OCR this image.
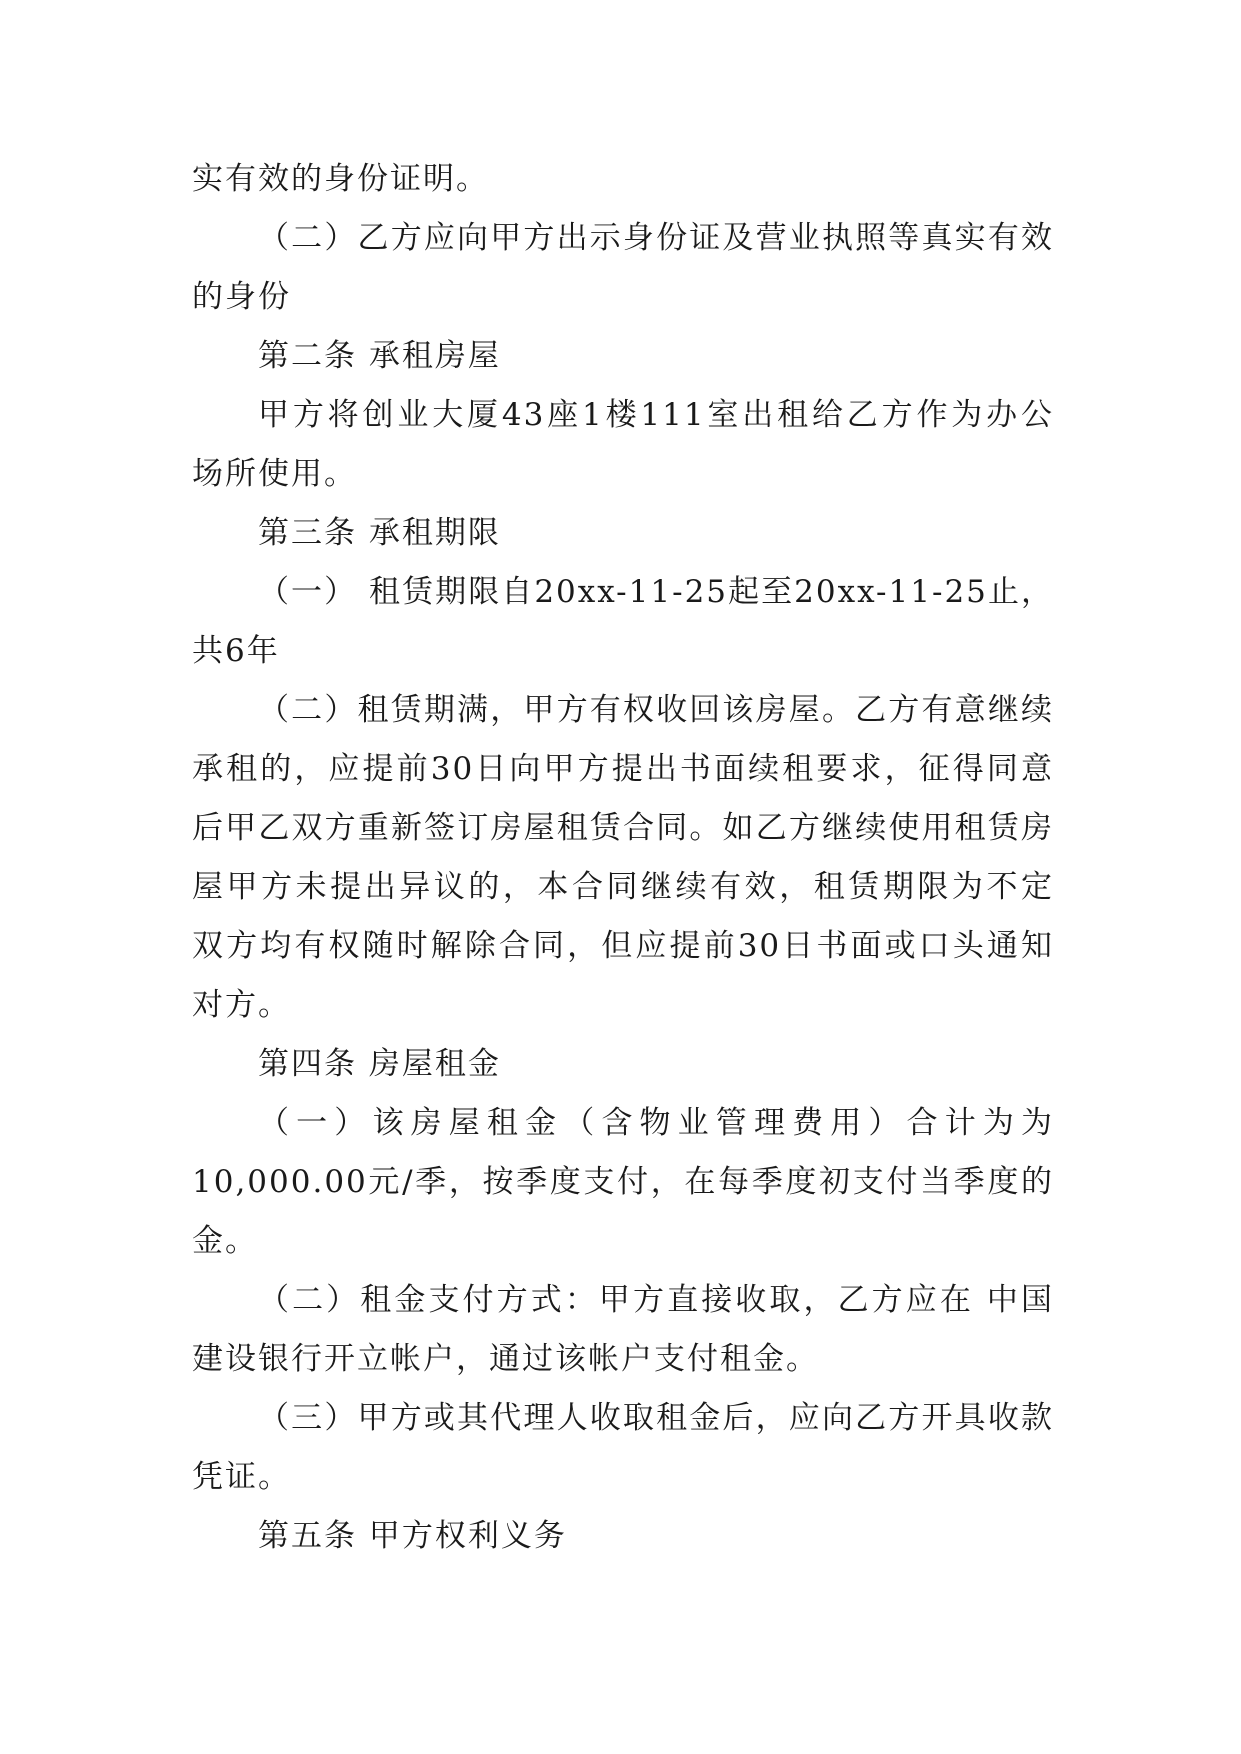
实有效的身份证明。
（二）乙方应向甲方出示身份证及营业执照等真实有效
的身份
第二条 承租房屋
甲方将创业大厦43座1楼111室出租给乙方作为办公
场所使用。
第三条 承租期限
（一） 租赁期限自20xx-11-25起至20xx-11-25止，
共6年
（二）租赁期满，甲方有权收回该房屋。乙方有意继续
承租的，应提前30日向甲方提出书面续租要求，征得同意
后甲乙双方重新签订房屋租赁合同。如乙方继续使用租赁房
屋甲方未提出异议的，本合同继续有效，租赁期限为不定
双方均有权随时解除合同，但应提前30日书面或口头通知
对方。
第四条 房屋租金
（一）该房屋租金（含物业管理费用）合计为为
10,000.00元/季，按季度支付，在每季度初支付当季度的
金。
（二）租金支付方式：甲方直接收取，乙方应在 中国
建设银行开立帐户，通过该帐户支付租金。
（三）甲方或其代理人收取租金后，应向乙方开具收款
凭证。
第五条 甲方权利义务
